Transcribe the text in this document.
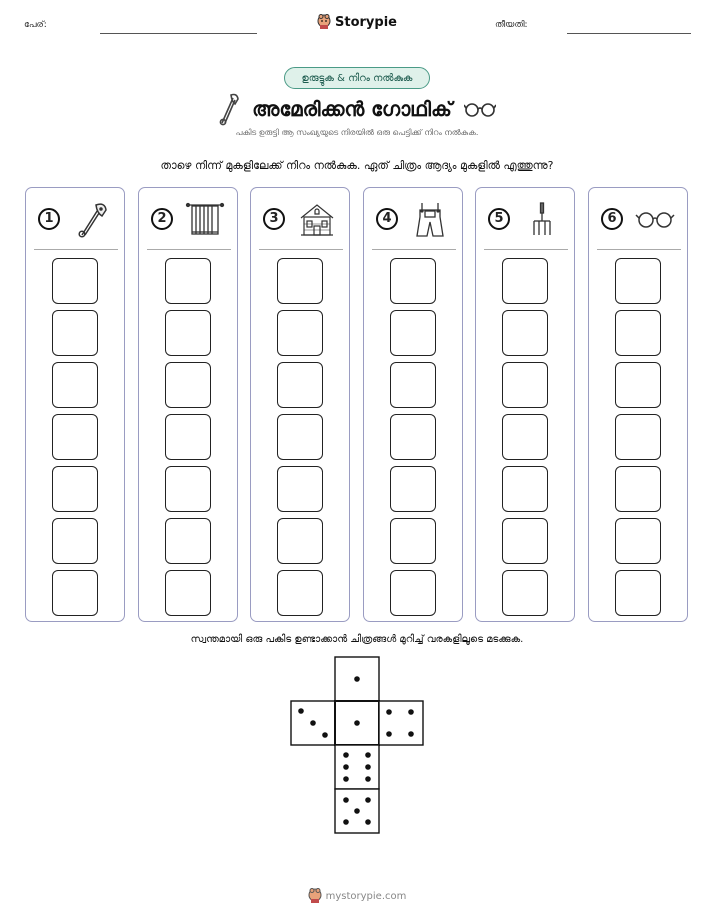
പേര്:	Storypie	തീയതി:
ഉരുട്ടുക & നിറം നൽകുക
അമേരിക്കൻ ഗോഥിക്
പകിട ഉരുട്ടി ആ സംഖ്യയുടെ നിരയിൽ ഒരു പെട്ടിക്ക് നിറം നൽകുക.
താഴെ നിന്ന് മുകളിലേക്ക് നിറം നൽകുക. ഏത് ചിത്രം ആദ്യം മുകളിൽ എത്തുന്നു?
1	2	3	4	5	6
സ്വന്തമായി ഒരു പകിട ഉണ്ടാക്കാൻ ചിത്രങ്ങൾ മുറിച്ച് വരകളിലൂടെ മടക്കുക.
mystorypie.com
